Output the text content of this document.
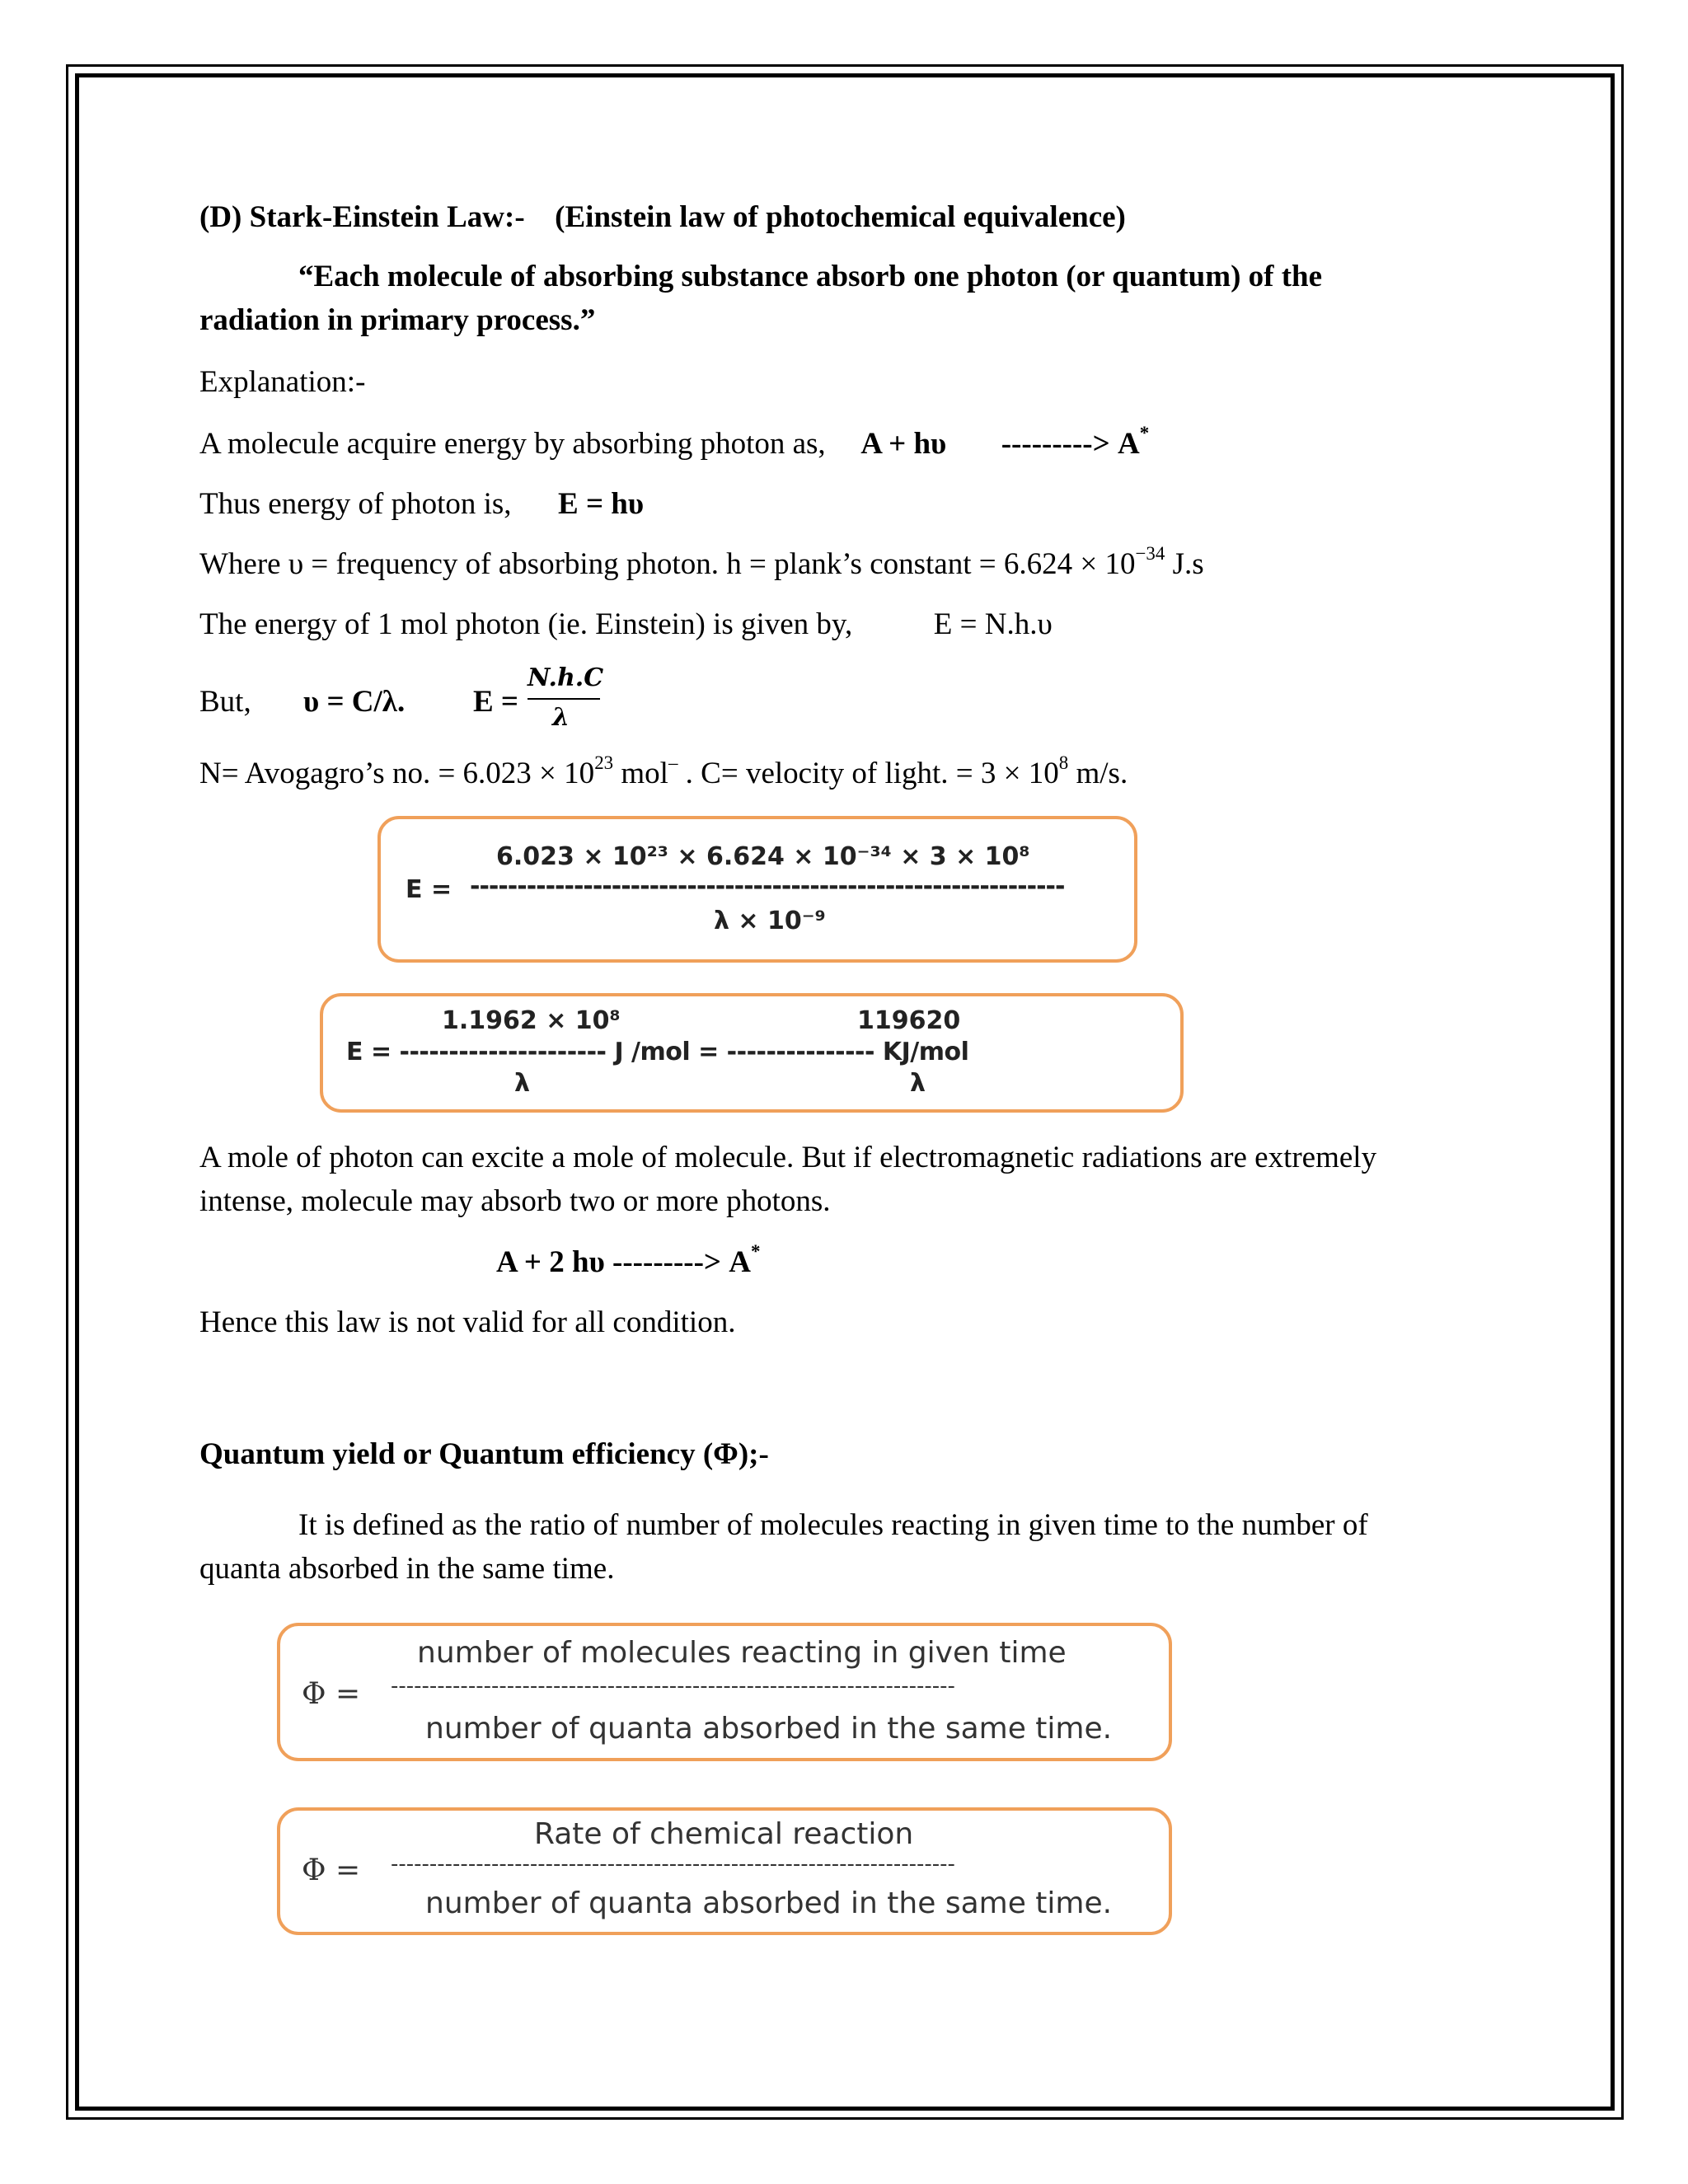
(D) Stark-Einstein Law:- (Einstein law of photochemical equivalence)
“Each molecule of absorbing substance absorb one photon (or quantum) of the
radiation in primary process.”
Explanation:-
A molecule acquire energy by absorbing photon as, A + hυ ---------> A*
Thus energy of photon is, E = hυ
Where υ = frequency of absorbing photon. h = plank’s constant = $6.624 \times 10^{-34}$ J.s
The energy of 1 mol photon (ie. Einstein) is given by,	E = N.h.υ
But, υ = C/λ. E =
N.h.C
λ
N= Avogagro’s no. = $6.023 \times 10^{23}$ mol– . C= velocity of light. = $3 \times 10^8$ m/s.
6.023 × 10²³ × 6.624 × 10⁻³⁴ × 3 × 10⁸
E = ---------------------------------------------------------------
λ × 10⁻⁹
1.1962 × 10⁸	119620
E = --------------------- J /mol = --------------- KJ/mol
λ	λ
A mole of photon can excite a mole of molecule. But if electromagnetic radiations are extremely
intense, molecule may absorb two or more photons.
A + 2 hυ ---------> A*
Hence this law is not valid for all condition.
Quantum yield or Quantum efficiency (Φ);-
It is defined as the ratio of number of molecules reacting in given time to the number of
quanta absorbed in the same time.
number of molecules reacting in given time
Φ = -------------------------------------------------------------------------
number of quanta absorbed in the same time.
Rate of chemical reaction
Φ = -------------------------------------------------------------------------
number of quanta absorbed in the same time.
